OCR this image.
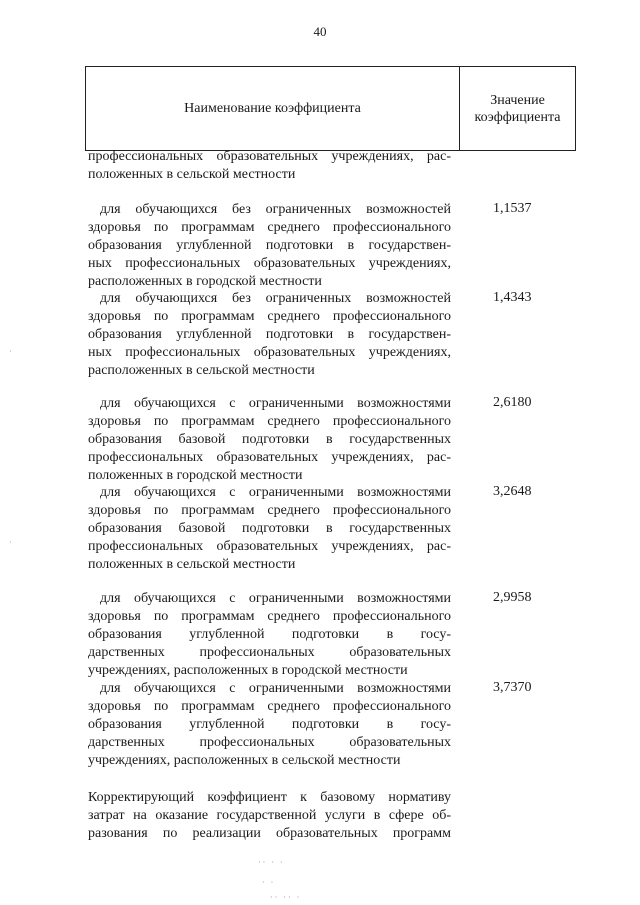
40
Наименование коэффициента
Значение
коэффициента
профессиональных образовательных учреждениях, рас-
положенных в сельской местности
для обучающихся без ограниченных возможностей
здоровья по программам среднего профессионального
образования углубленной подготовки в государствен-
ных профессиональных образовательных учреждениях,
расположенных в городской местности
1,1537
для обучающихся без ограниченных возможностей
здоровья по программам среднего профессионального
образования углубленной подготовки в государствен-
ных профессиональных образовательных учреждениях,
расположенных в сельской местности
1,4343
для обучающихся с ограниченными возможностями
здоровья по программам среднего профессионального
образования базовой подготовки в государственных
профессиональных образовательных учреждениях, рас-
положенных в городской местности
2,6180
для обучающихся с ограниченными возможностями
здоровья по программам среднего профессионального
образования базовой подготовки в государственных
профессиональных образовательных учреждениях, рас-
положенных в сельской местности
3,2648
для обучающихся с ограниченными возможностями
здоровья по программам среднего профессионального
образования углубленной подготовки в госу-
дарственных профессиональных образовательных
учреждениях, расположенных в городской местности
2,9958
для обучающихся с ограниченными возможностями
здоровья по программам среднего профессионального
образования углубленной подготовки в госу-
дарственных профессиональных образовательных
учреждениях, расположенных в сельской местности
3,7370
Корректирующий коэффициент к базовому нормативу
затрат на оказание государственной услуги в сфере об-
разования по реализации образовательных программ
·· · ·
· ·
·· ·· ·
·
·
